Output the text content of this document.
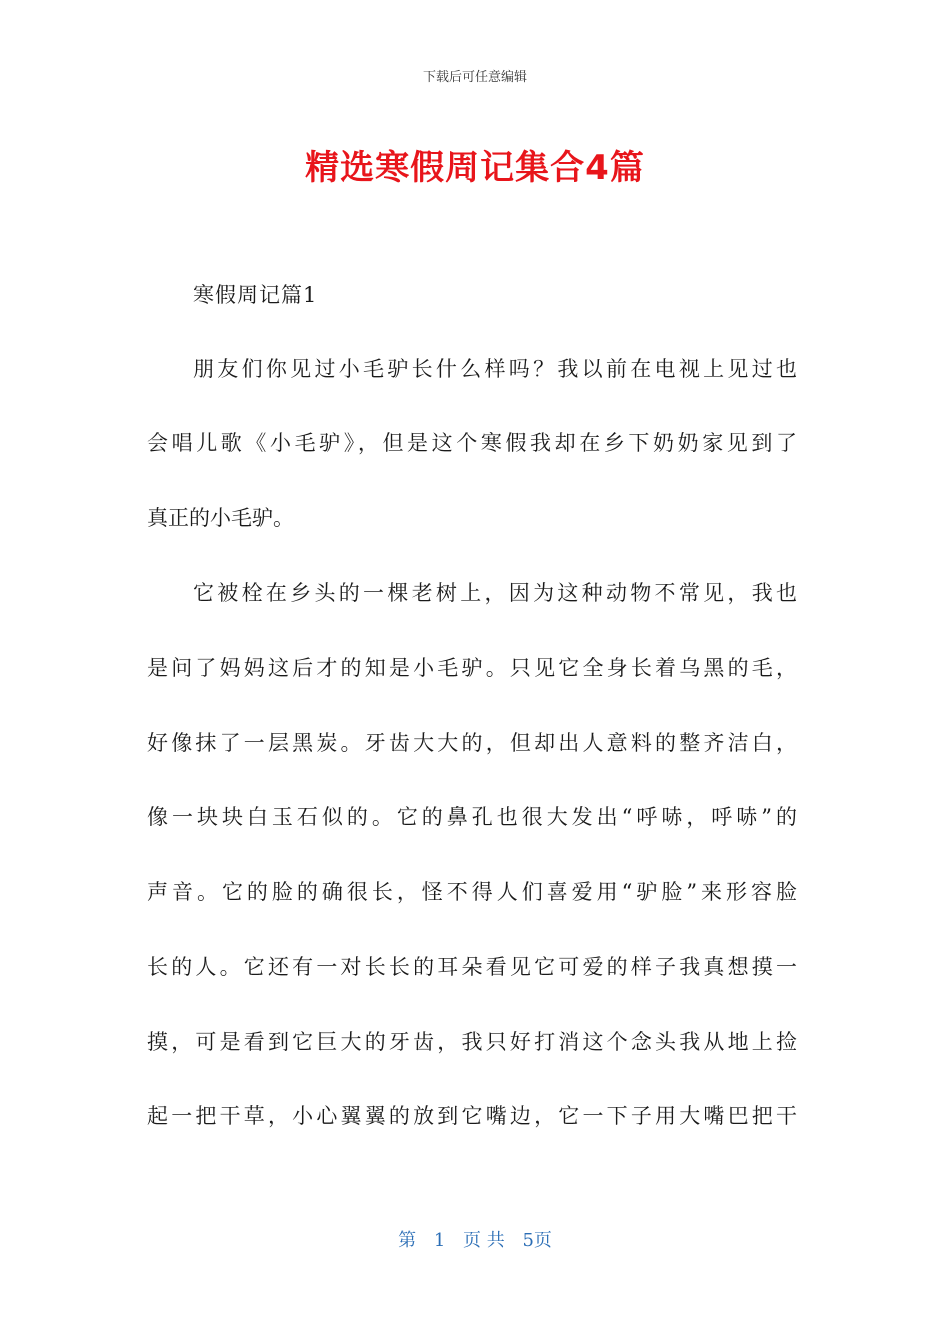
下载后可任意编辑
精选寒假周记集合4篇
寒假周记篇1
朋友们你见过小毛驴长什么样吗？我以前在电视上见过也
会唱儿歌《小毛驴》，但是这个寒假我却在乡下奶奶家见到了
真正的小毛驴。
它被栓在乡头的一棵老树上，因为这种动物不常见，我也
是问了妈妈这后才的知是小毛驴。只见它全身长着乌黑的毛，
好像抹了一层黑炭。牙齿大大的，但却出人意料的整齐洁白，
像一块块白玉石似的。它的鼻孔也很大发出“呼哧，呼哧”的
声音。它的脸的确很长，怪不得人们喜爱用“驴脸”来形容脸
长的人。它还有一对长长的耳朵看见它可爱的样子我真想摸一
摸，可是看到它巨大的牙齿，我只好打消这个念头我从地上捡
起一把干草，小心翼翼的放到它嘴边，它一下子用大嘴巴把干
第 1 页 共 5页
